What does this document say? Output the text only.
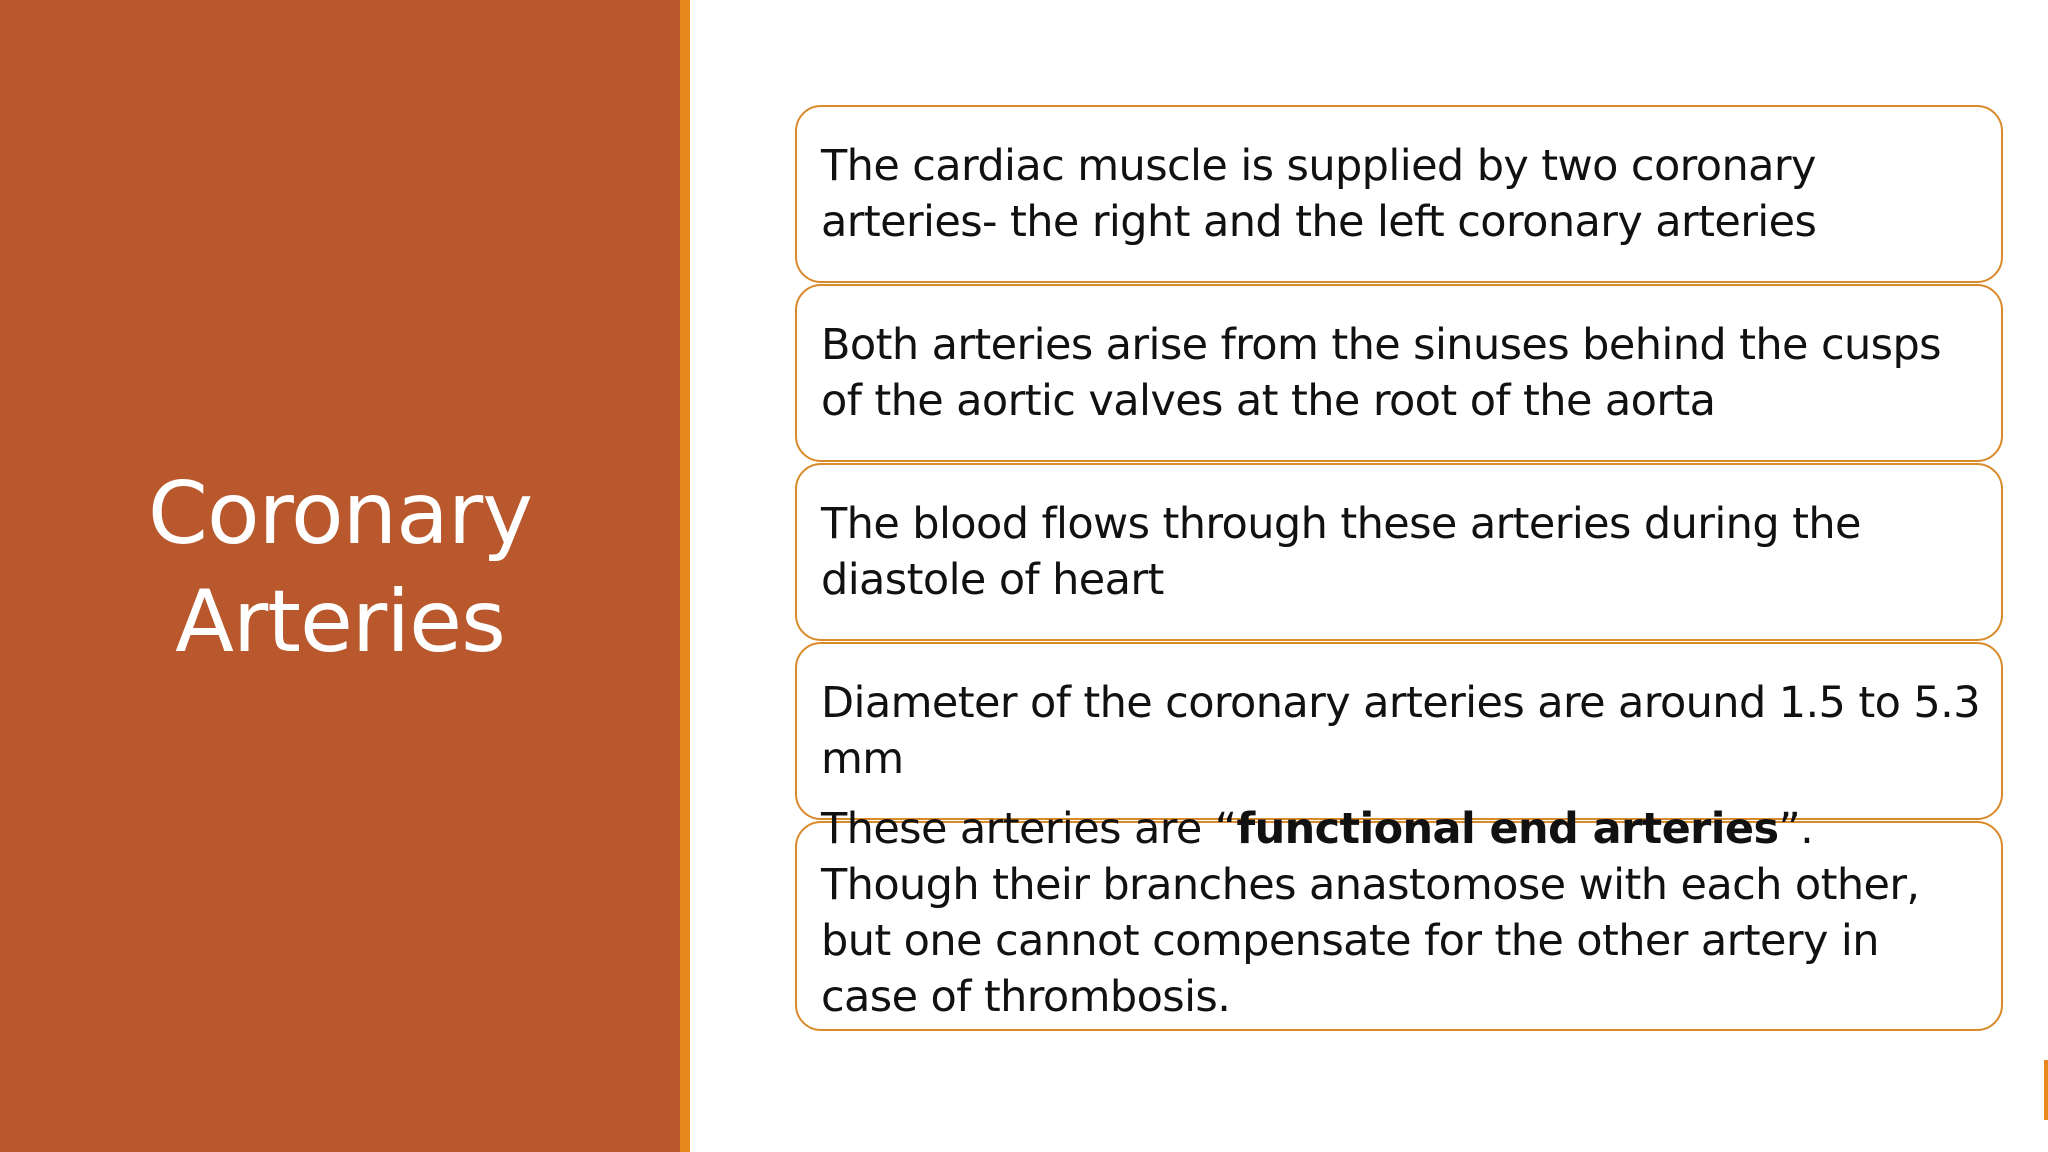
Coronary
Arteries
The cardiac muscle is supplied by two coronary arteries- the right and the left coronary arteries
Both arteries arise from the sinuses behind the cusps of the aortic valves at the root of the aorta
The blood flows through these arteries during the diastole of heart
Diameter of the coronary arteries are around 1.5 to 5.3 mm
These arteries are “functional end arteries”. Though their branches anastomose with each other, but one cannot compensate for the other artery in case of thrombosis.
